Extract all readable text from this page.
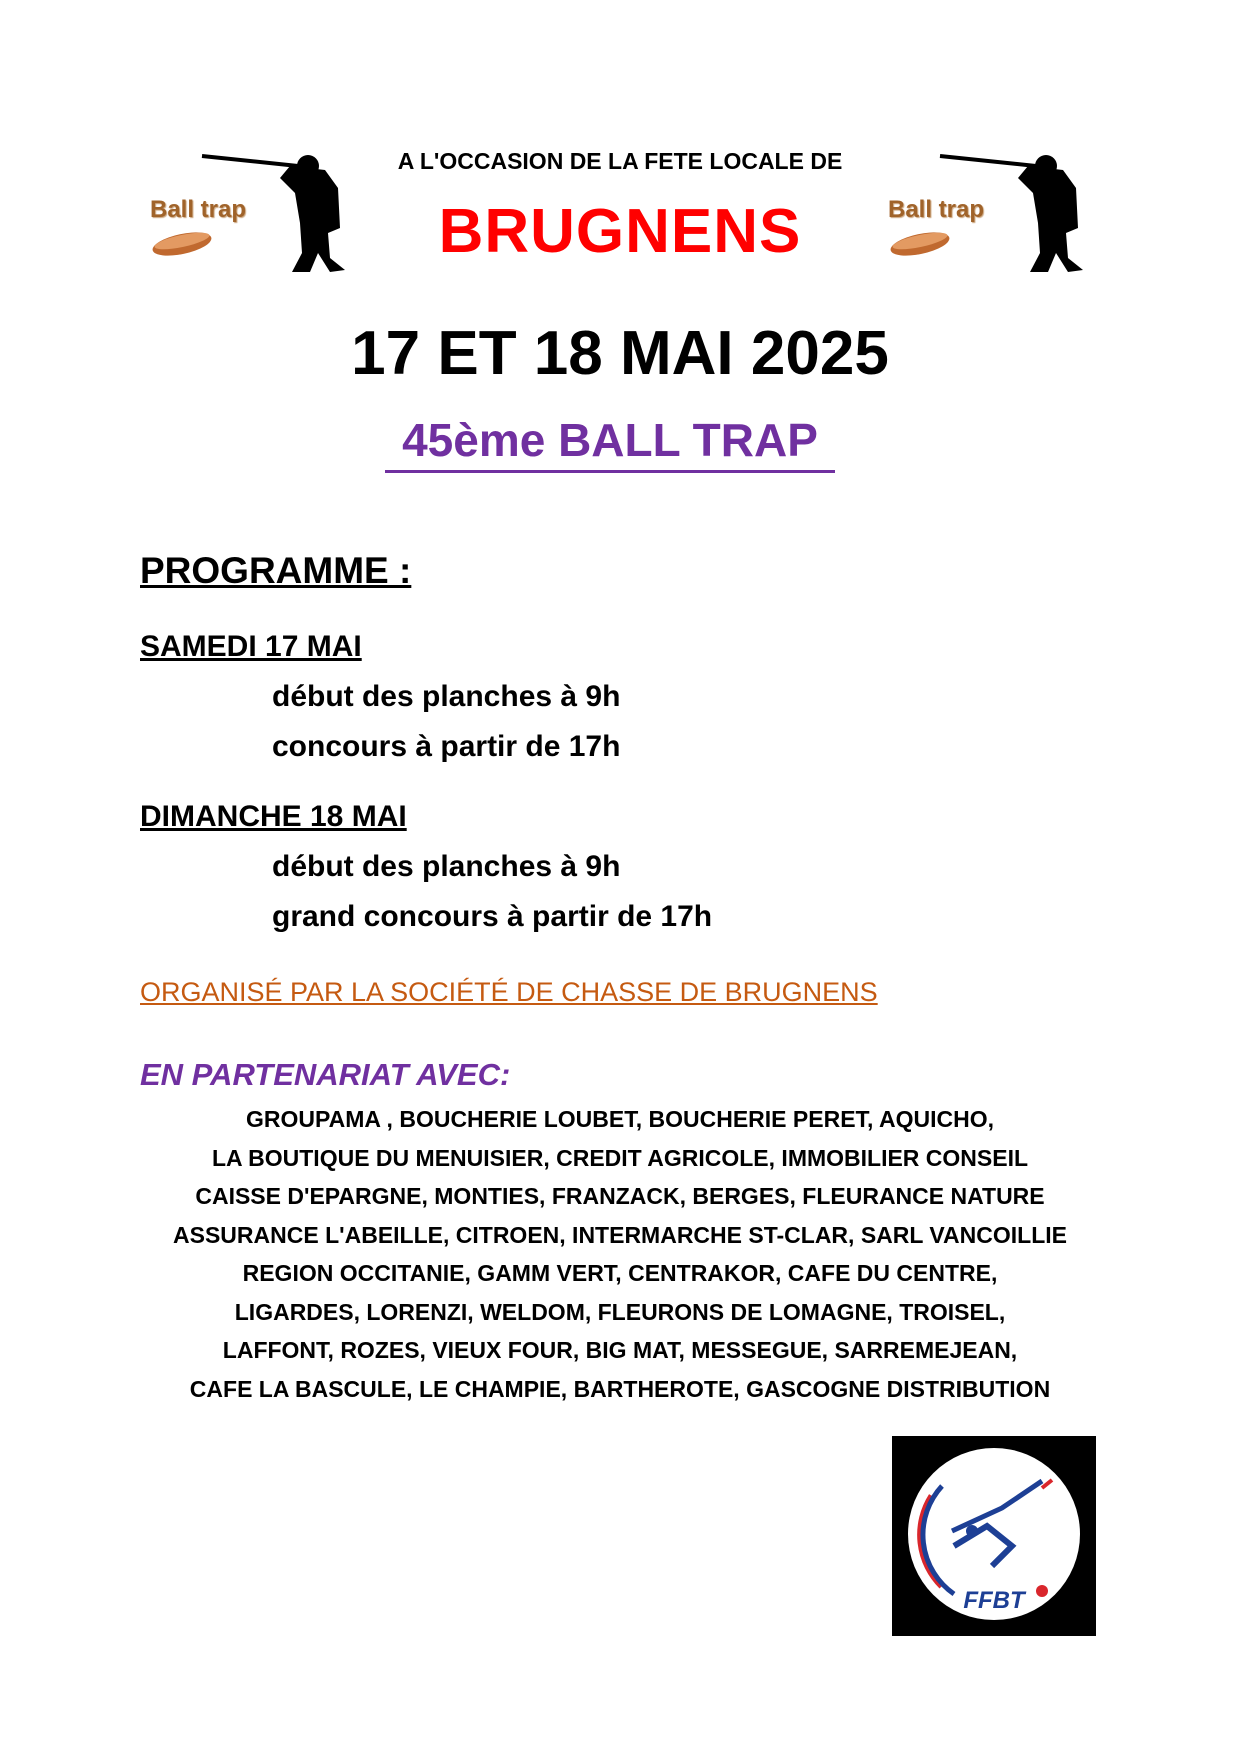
Ball trap	Ball trap
A L'OCCASION DE LA FETE LOCALE DE
BRUGNENS
17 ET 18 MAI 2025
45ème BALL TRAP
PROGRAMME :
SAMEDI 17 MAI
début des planches à 9h
concours à partir de 17h
DIMANCHE 18 MAI
début des planches à 9h
grand concours à partir de 17h
ORGANISÉ PAR LA SOCIÉTÉ DE CHASSE DE BRUGNENS
EN PARTENARIAT AVEC:
GROUPAMA , BOUCHERIE LOUBET, BOUCHERIE PERET, AQUICHO,
LA BOUTIQUE DU MENUISIER, CREDIT AGRICOLE, IMMOBILIER CONSEIL
CAISSE D'EPARGNE, MONTIES, FRANZACK, BERGES, FLEURANCE NATURE
ASSURANCE L'ABEILLE, CITROEN, INTERMARCHE ST-CLAR, SARL VANCOILLIE
REGION OCCITANIE, GAMM VERT, CENTRAKOR, CAFE DU CENTRE,
LIGARDES, LORENZI, WELDOM, FLEURONS DE LOMAGNE, TROISEL,
LAFFONT, ROZES, VIEUX FOUR, BIG MAT, MESSEGUE, SARREMEJEAN,
CAFE LA BASCULE, LE CHAMPIE, BARTHEROTE, GASCOGNE DISTRIBUTION
FFBT
